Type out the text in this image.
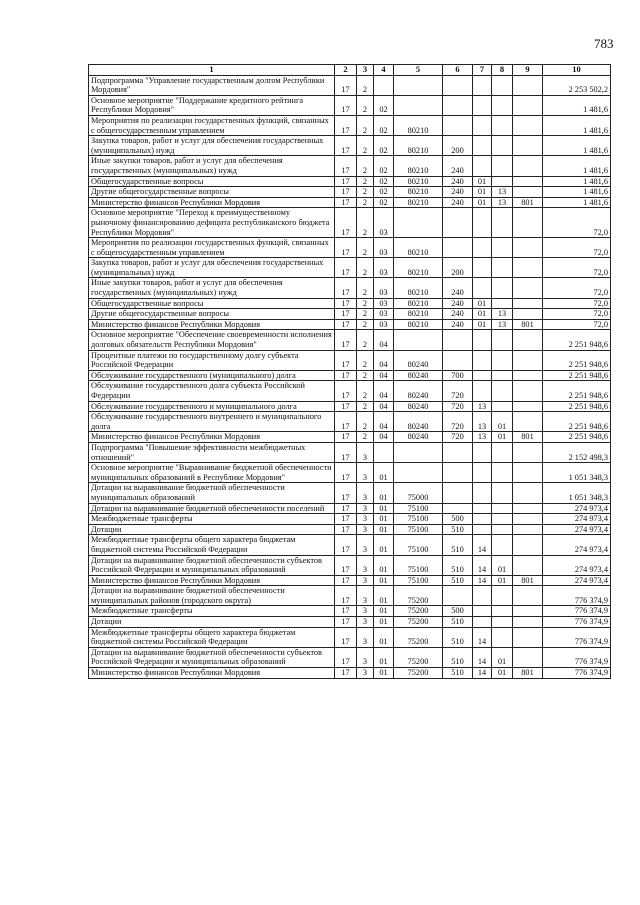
783
1	2	3	4	5	6	7	8	9	10
Подпрограмма "Управление государственным долгом Республики Мордовия"	17	2							2 253 502,2
Основное мероприятие "Поддержание кредитного рейтинга Республики Мордовия"	17	2	02						1 481,6
Мероприятия по реализации государственных функций, связанных с общегосударственным управлением	17	2	02	80210					1 481,6
Закупка товаров, работ и услуг для обеспечения государственных (муниципальных) нужд	17	2	02	80210	200				1 481,6
Иные закупки товаров, работ и услуг для обеспечения государственных (муниципальных) нужд	17	2	02	80210	240				1 481,6
Общегосударственные вопросы	17	2	02	80210	240	01			1 481,6
Другие общегосударственные вопросы	17	2	02	80210	240	01	13		1 481,6
Министерство финансов Республики Мордовия	17	2	02	80210	240	01	13	801	1 481,6
Основное мероприятие "Переход к преимущественному рыночному финансированию дефицита республиканского бюджета Республики Мордовия"	17	2	03						72,0
Мероприятия по реализации государственных функций, связанных с общегосударственным управлением	17	2	03	80210					72,0
Закупка товаров, работ и услуг для обеспечения государственных (муниципальных) нужд	17	2	03	80210	200				72,0
Иные закупки товаров, работ и услуг для обеспечения государственных (муниципальных) нужд	17	2	03	80210	240				72,0
Общегосударственные вопросы	17	2	03	80210	240	01			72,0
Другие общегосударственные вопросы	17	2	03	80210	240	01	13		72,0
Министерство финансов Республики Мордовия	17	2	03	80210	240	01	13	801	72,0
Основное мероприятие "Обеспечение своевременности исполнения долговых обязательств Республики Мордовия"	17	2	04						2 251 948,6
Процентные платежи по государственному долгу субъекта Российской Федерации	17	2	04	80240					2 251 948,6
Обслуживание государственного (муниципального) долга	17	2	04	80240	700				2 251 948,6
Обслуживание государственного долга субъекта Российской Федерации	17	2	04	80240	720				2 251 948,6
Обслуживание государственного и муниципального долга	17	2	04	80240	720	13			2 251 948,6
Обслуживание государственного внутреннего и муниципального долга	17	2	04	80240	720	13	01		2 251 948,6
Министерство финансов Республики Мордовия	17	2	04	80240	720	13	01	801	2 251 948,6
Подпрограмма "Повышение эффективности межбюджетных отношений"	17	3							2 152 498,3
Основное мероприятие "Выравнивание бюджетной обеспеченности муниципальных образований в Республике Мордовия"	17	3	01						1 051 348,3
Дотации на выравнивание бюджетной обеспеченности муниципальных образований	17	3	01	75000					1 051 348,3
Дотации на выравнивание бюджетной обеспеченности поселений	17	3	01	75100					274 973,4
Межбюджетные трансферты	17	3	01	75100	500				274 973,4
Дотации	17	3	01	75100	510				274 973,4
Межбюджетные трансферты общего характера бюджетам бюджетной системы Российской Федерации	17	3	01	75100	510	14			274 973,4
Дотации на выравнивание бюджетной обеспеченности субъектов Российской Федерации и муниципальных образований	17	3	01	75100	510	14	01		274 973,4
Министерство финансов Республики Мордовия	17	3	01	75100	510	14	01	801	274 973,4
Дотации на выравнивание бюджетной обеспеченности муниципальных районов (городского округа)	17	3	01	75200					776 374,9
Межбюджетные трансферты	17	3	01	75200	500				776 374,9
Дотации	17	3	01	75200	510				776 374,9
Межбюджетные трансферты общего характера бюджетам бюджетной системы Российской Федерации	17	3	01	75200	510	14			776 374,9
Дотации на выравнивание бюджетной обеспеченности субъектов Российской Федерации и муниципальных образований	17	3	01	75200	510	14	01		776 374,9
Министерство финансов Республики Мордовия	17	3	01	75200	510	14	01	801	776 374,9
